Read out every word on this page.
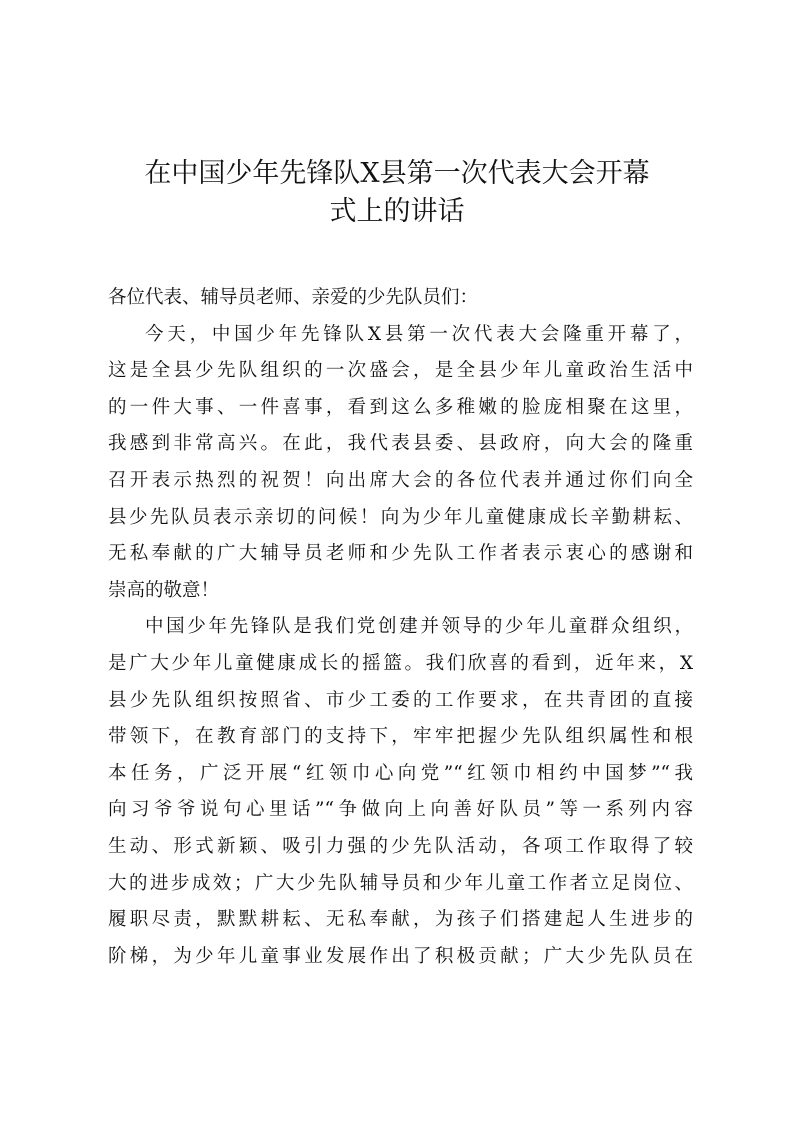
在中国少年先锋队X县第一次代表大会开幕
式上的讲话
各位代表、辅导员老师、亲爱的少先队员们：
今天，中国少年先锋队X县第一次代表大会隆重开幕了，
这是全县少先队组织的一次盛会，是全县少年儿童政治生活中
的一件大事、一件喜事，看到这么多稚嫩的脸庞相聚在这里，
我感到非常高兴。在此，我代表县委、县政府，向大会的隆重
召开表示热烈的祝贺！向出席大会的各位代表并通过你们向全
县少先队员表示亲切的问候！向为少年儿童健康成长辛勤耕耘、
无私奉献的广大辅导员老师和少先队工作者表示衷心的感谢和
崇高的敬意！
中国少年先锋队是我们党创建并领导的少年儿童群众组织，
是广大少年儿童健康成长的摇篮。我们欣喜的看到，近年来，X
县少先队组织按照省、市少工委的工作要求，在共青团的直接
带领下，在教育部门的支持下，牢牢把握少先队组织属性和根
本任务，广泛开展“红领巾心向党”“红领巾相约中国梦”“我
向习爷爷说句心里话”“争做向上向善好队员”等一系列内容
生动、形式新颖、吸引力强的少先队活动，各项工作取得了较
大的进步成效；广大少先队辅导员和少年儿童工作者立足岗位、
履职尽责，默默耕耘、无私奉献，为孩子们搭建起人生进步的
阶梯，为少年儿童事业发展作出了积极贡献；广大少先队员在
